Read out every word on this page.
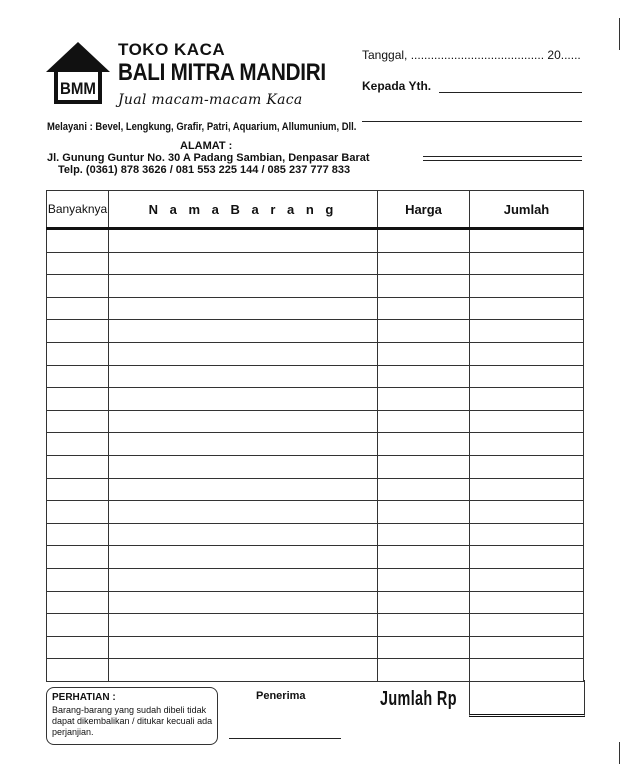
BMM
TOKO KACA
BALI MITRA MANDIRI
Jual macam-macam Kaca
Melayani : Bevel, Lengkung, Grafir, Patri, Aquarium, Allumunium, Dll.
ALAMAT :
Jl. Gunung Guntur No. 30 A Padang Sambian, Denpasar Barat
Telp. (0361) 878 3626 / 081 553 225 144 / 085 237 777 833
Tanggal, ........................................ 20......
Kepada Yth.
Banyaknya	N a m a B a r a n g	Harga	Jumlah

PERHATIAN :
Barang-barang yang sudah dibeli tidak dapat dikembalikan / ditukar kecuali ada perjanjian.
Penerima	Jumlah Rp
